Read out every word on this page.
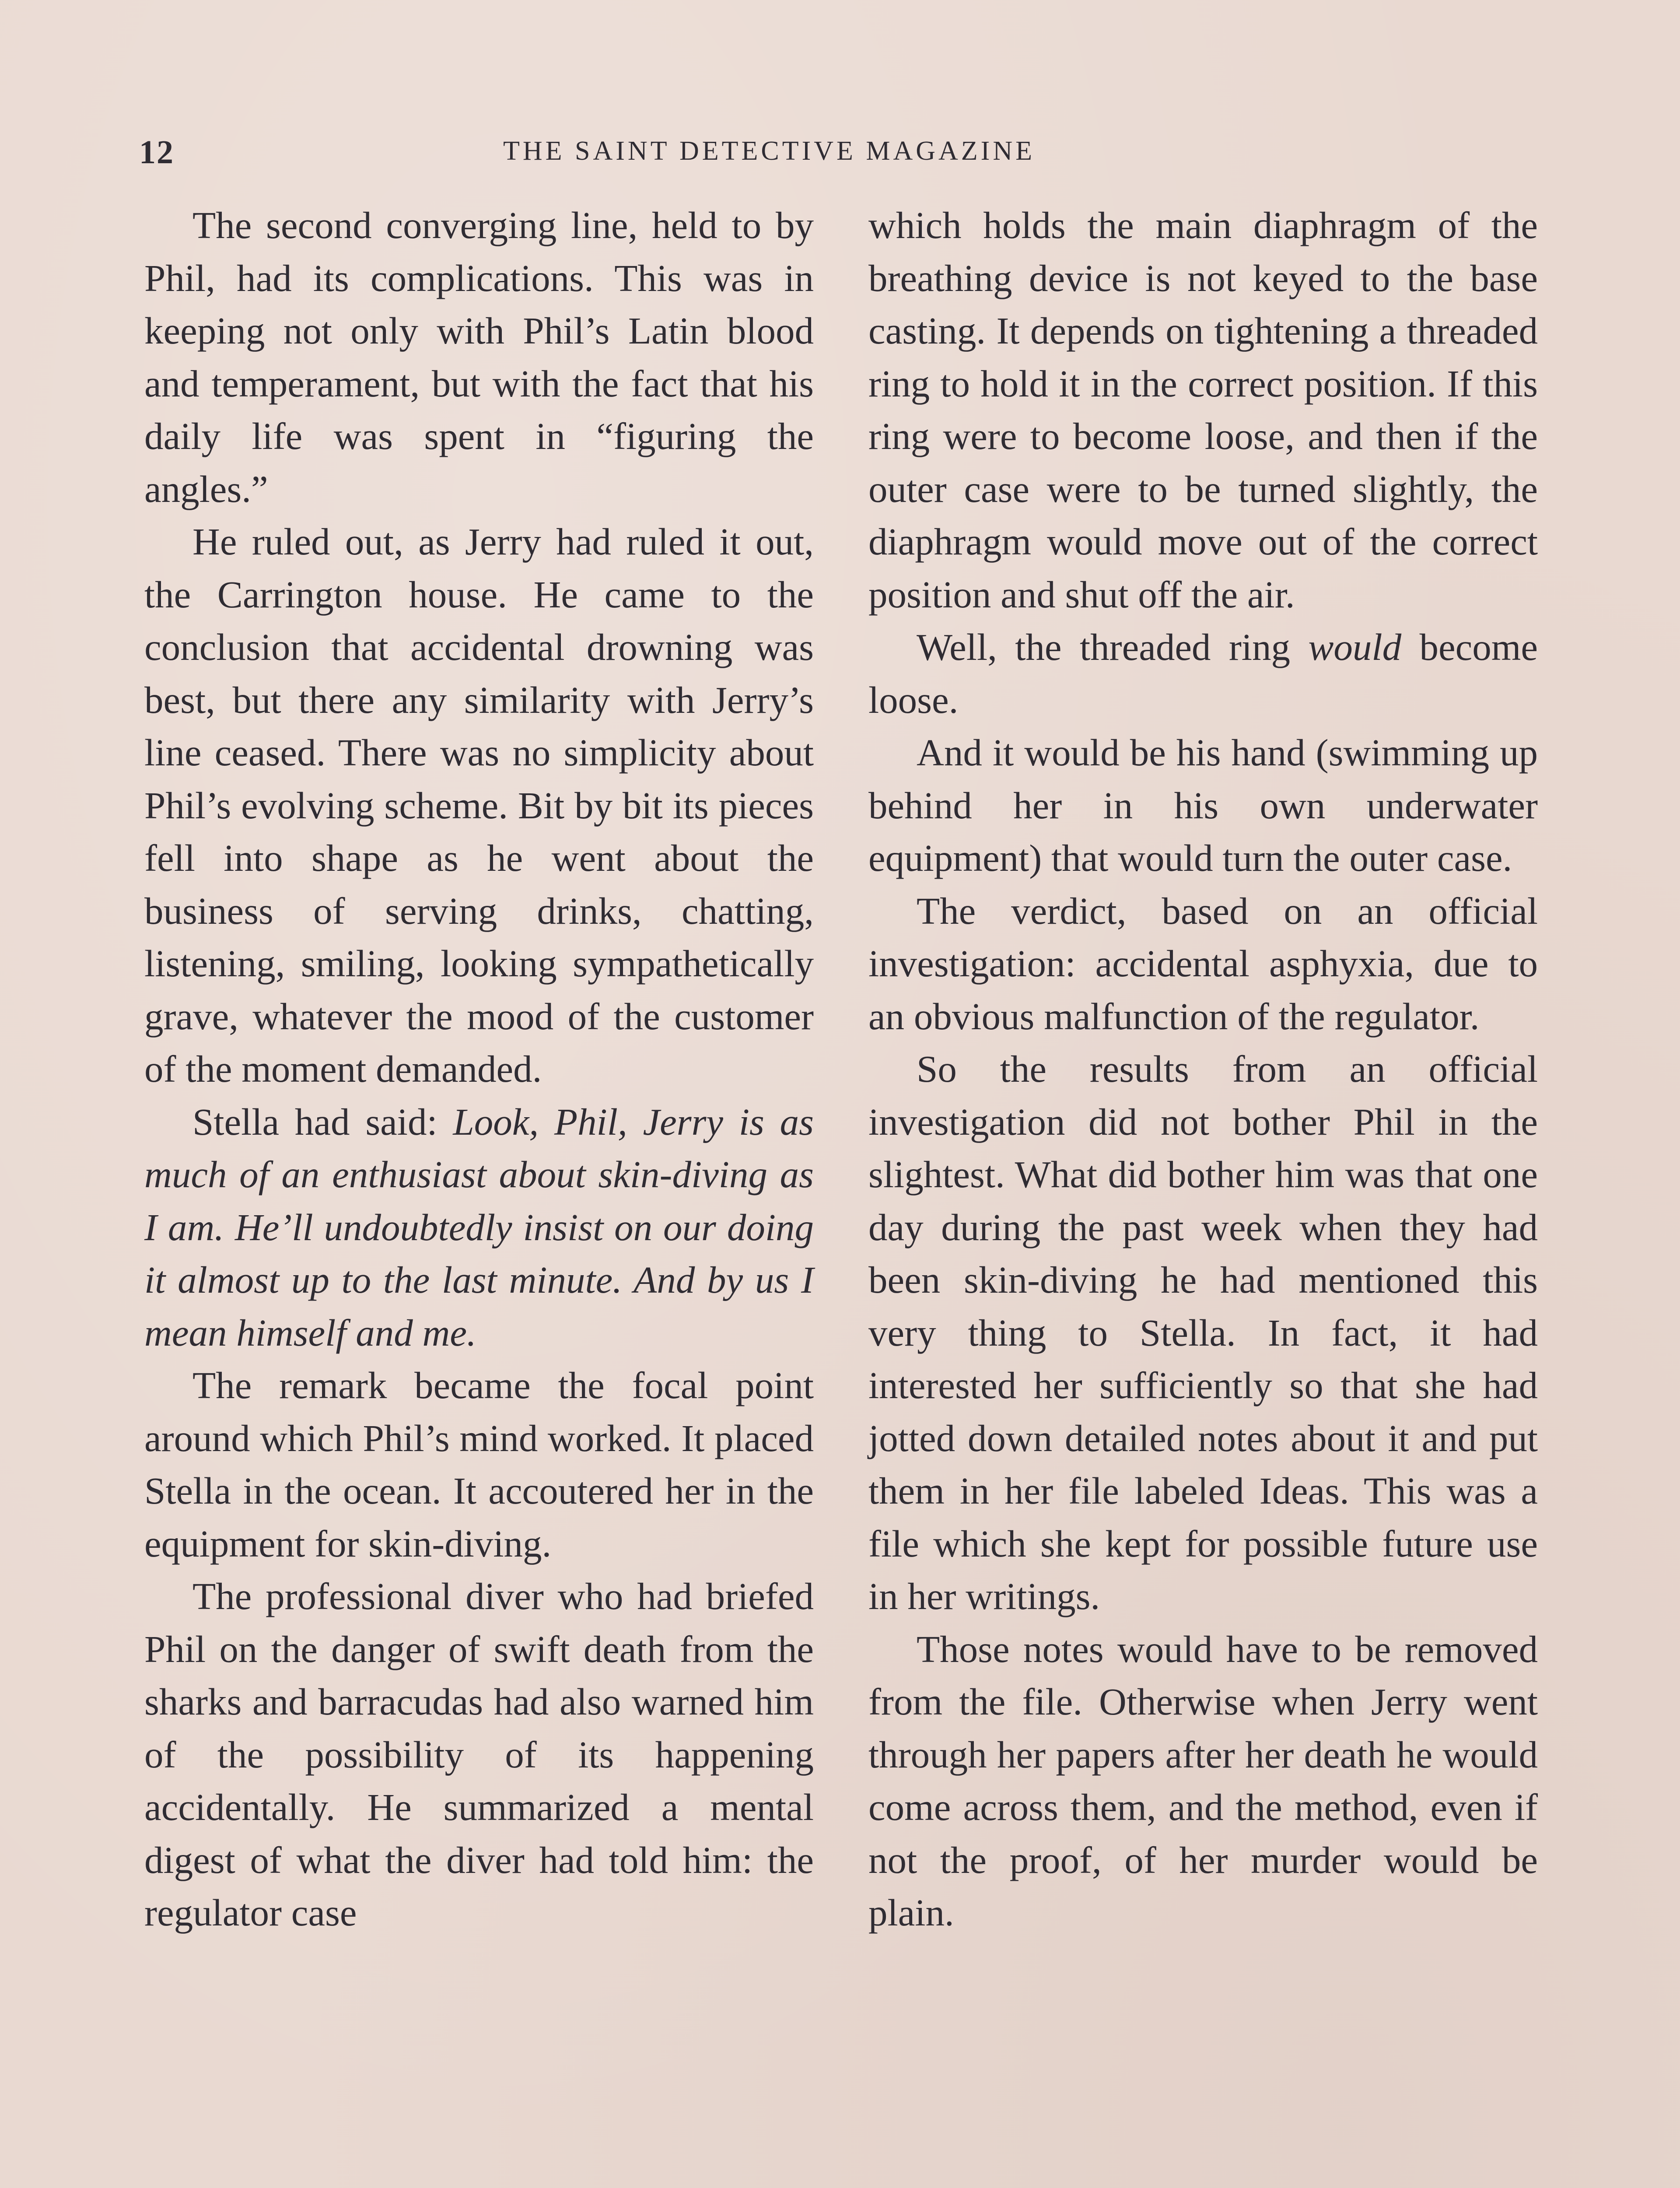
12	THE SAINT DETECTIVE MAGAZINE

The second converging line, held to by Phil, had its complications. This was in keeping not only with Phil’s Latin blood and temperament, but with the fact that his daily life was spent in “figuring the angles.”

He ruled out, as Jerry had ruled it out, the Carrington house. He came to the conclusion that accidental drowning was best, but there any similarity with Jerry’s line ceased. There was no simplicity about Phil’s evolving scheme. Bit by bit its pieces fell into shape as he went about the business of serving drinks, chatting, listening, smiling, looking sympathetically grave, whatever the mood of the customer of the moment demanded.

Stella had said: Look, Phil, Jerry is as much of an enthusiast about skin-diving as I am. He’ll undoubtedly insist on our doing it almost up to the last minute. And by us I mean himself and me.

The remark became the focal point around which Phil’s mind worked. It placed Stella in the ocean. It accoutered her in the equipment for skin-diving.

The professional diver who had briefed Phil on the danger of swift death from the sharks and barracudas had also warned him of the possibility of its happening accidentally. He summarized a mental digest of what the diver had told him: the regulator case

which holds the main diaphragm of the breathing device is not keyed to the base casting. It depends on tightening a threaded ring to hold it in the correct position. If this ring were to become loose, and then if the outer case were to be turned slightly, the diaphragm would move out of the correct position and shut off the air.

Well, the threaded ring would become loose.

And it would be his hand (swimming up behind her in his own underwater equipment) that would turn the outer case.

The verdict, based on an official investigation: accidental asphyxia, due to an obvious malfunction of the regulator.

So the results from an official investigation did not bother Phil in the slightest. What did bother him was that one day during the past week when they had been skin-diving he had mentioned this very thing to Stella. In fact, it had interested her sufficiently so that she had jotted down detailed notes about it and put them in her file labeled Ideas. This was a file which she kept for possible future use in her writings.

Those notes would have to be removed from the file. Otherwise when Jerry went through her papers after her death he would come across them, and the method, even if not the proof, of her murder would be plain.
